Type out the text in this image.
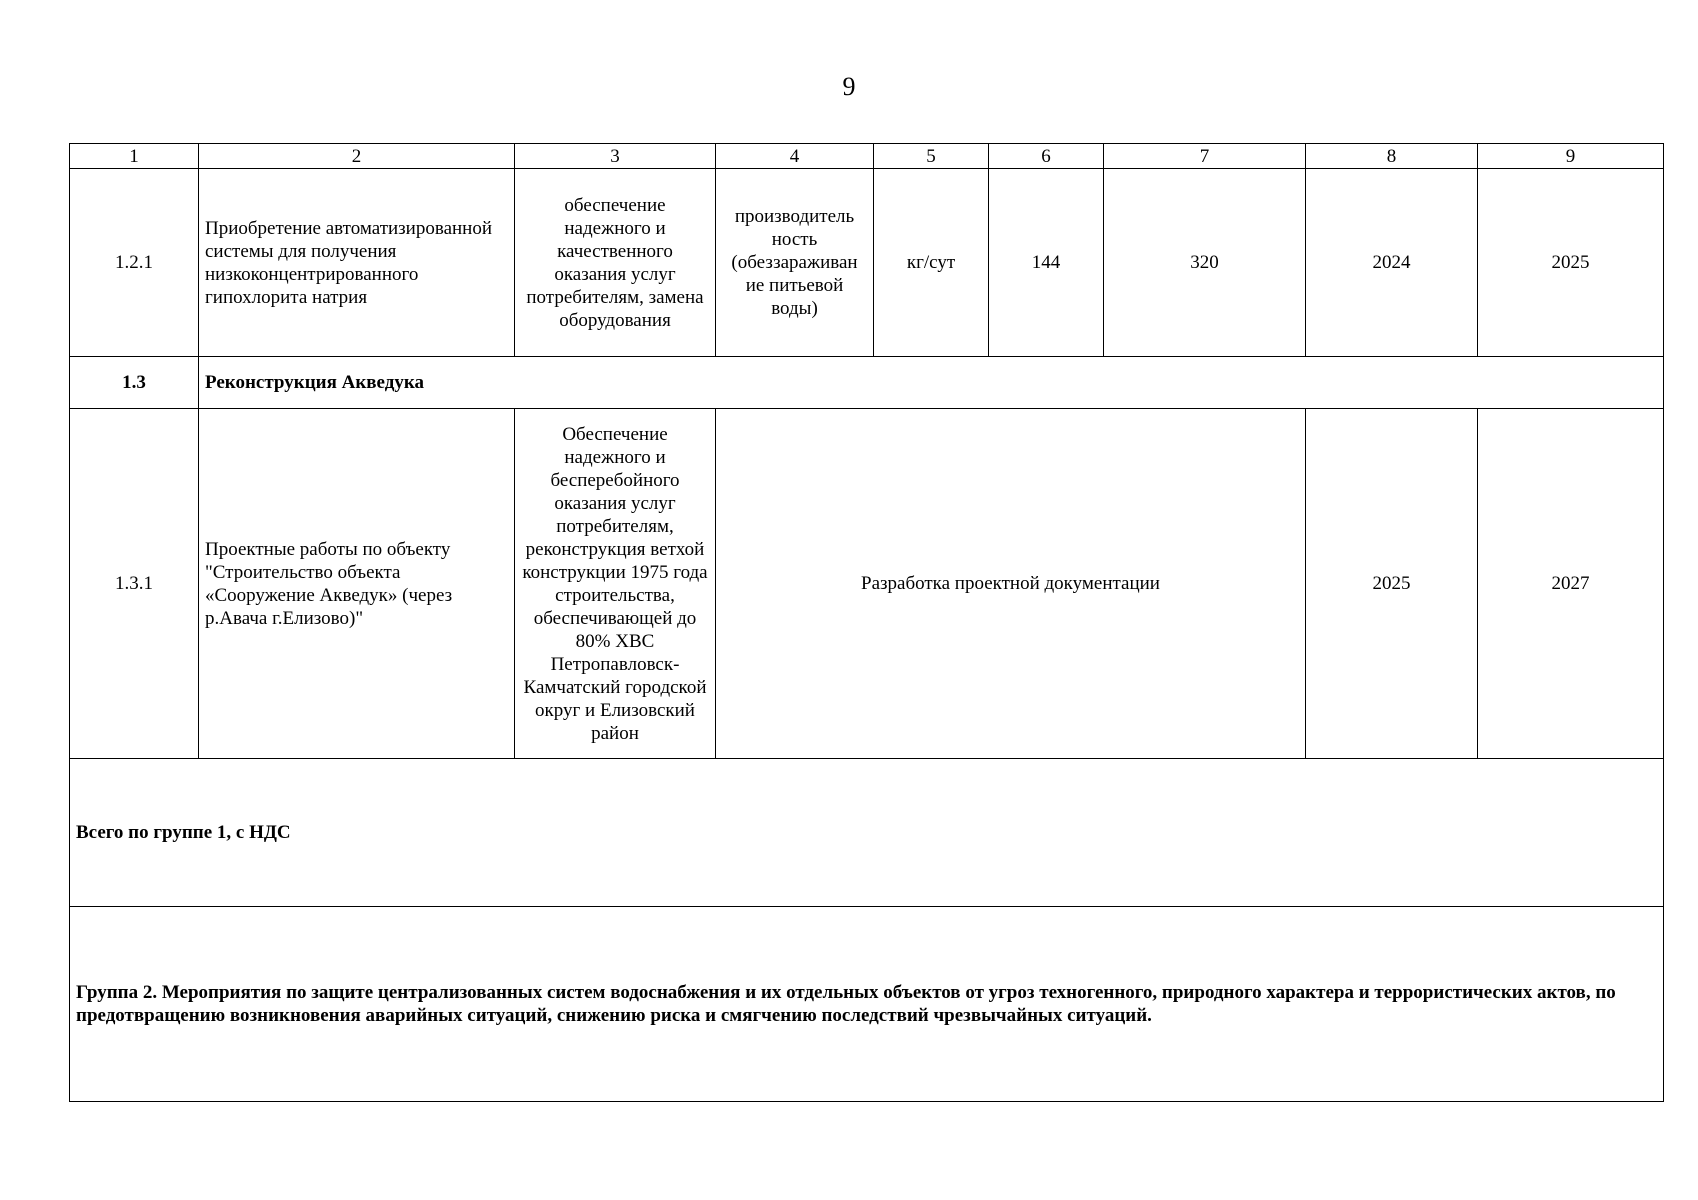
9
1	2	3	4	5	6	7	8	9
1.2.1	Приобретение автоматизированной системы для получения низкоконцентрированного гипохлорита натрия	обеспечение надежного и качественного оказания услуг потребителям, замена оборудования	производитель ность (обеззараживан ие питьевой воды)	кг/сут	144	320	2024	2025
1.3	Реконструкция Акведука							
1.3.1	Проектные работы по объекту "Строительство объекта «Сооружение Акведук» (через р.Авача г.Елизово)"	Обеспечение надежного и бесперебойного оказания услуг потребителям, реконструкция ветхой конструкции 1975 года строительства, обеспечивающей до 80% ХВС Петропавловск-Камчатский городской округ и Елизовский район	Разработка проектной документации				2025	2027
Всего по группе 1, с НДС								
Группа 2. Мероприятия по защите централизованных систем водоснабжения и их отдельных объектов от угроз техногенного, природного характера и террористических актов, по предотвращению возникновения аварийных ситуаций, снижению риска и смягчению последствий чрезвычайных ситуаций.								
